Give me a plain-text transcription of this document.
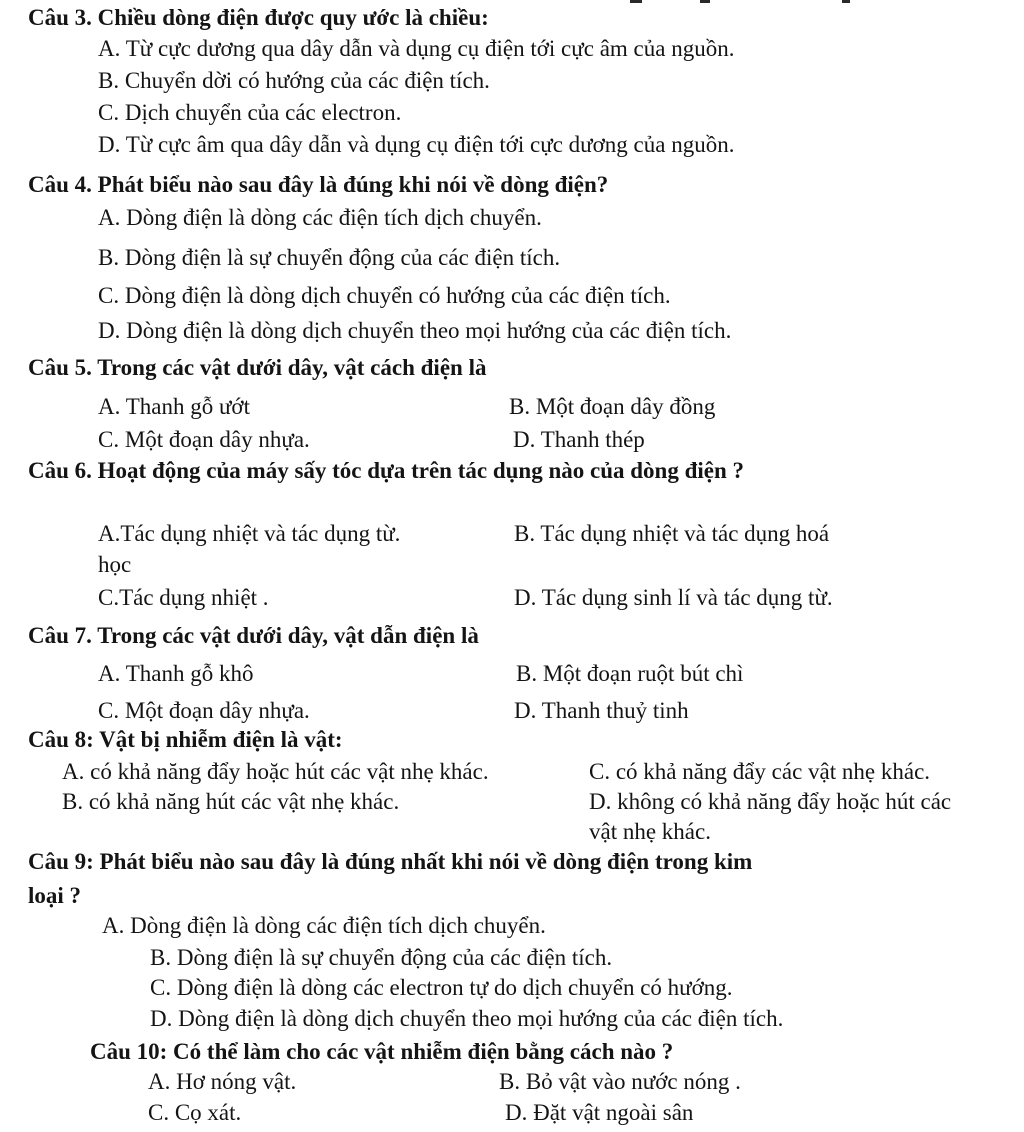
Câu 3. Chiều dòng điện được quy ước là chiều:
A. Từ cực dương qua dây dẫn và dụng cụ điện tới cực âm của nguồn.
B. Chuyển dời có hướng của các điện tích.
C. Dịch chuyển của các electron.
D. Từ cực âm qua dây dẫn và dụng cụ điện tới cực dương của nguồn.
Câu 4. Phát biểu nào sau đây là đúng khi nói về dòng điện?
A. Dòng điện là dòng các điện tích dịch chuyển.
B. Dòng điện là sự chuyển động của các điện tích.
C. Dòng điện là dòng dịch chuyển có hướng của các điện tích.
D. Dòng điện là dòng dịch chuyển theo mọi hướng của các điện tích.
Câu 5. Trong các vật dưới dây, vật cách điện là
A. Thanh gỗ ướt	B. Một đoạn dây đồng
C. Một đoạn dây nhựa.	D. Thanh thép
Câu 6. Hoạt động của máy sấy tóc dựa trên tác dụng nào của dòng điện ?
A.Tác dụng nhiệt và tác dụng từ.	B. Tác dụng nhiệt và tác dụng hoá
học
C.Tác dụng nhiệt .	D. Tác dụng sinh lí và tác dụng từ.
Câu 7. Trong các vật dưới dây, vật dẫn điện là
A. Thanh gỗ khô	B. Một đoạn ruột bút chì
C. Một đoạn dây nhựa.	D. Thanh thuỷ tinh
Câu 8: Vật bị nhiễm điện là vật:
A. có khả năng đẩy hoặc hút các vật nhẹ khác.	C. có khả năng đẩy các vật nhẹ khác.
B. có khả năng hút các vật nhẹ khác.	D. không có khả năng đẩy hoặc hút các
vật nhẹ khác.
Câu 9: Phát biểu nào sau đây là đúng nhất khi nói về dòng điện trong kim
loại ?
A. Dòng điện là dòng các điện tích dịch chuyển.
B. Dòng điện là sự chuyển động của các điện tích.
C. Dòng điện là dòng các electron tự do dịch chuyển có hướng.
D. Dòng điện là dòng dịch chuyển theo mọi hướng của các điện tích.
Câu 10: Có thể làm cho các vật nhiễm điện bằng cách nào ?
A. Hơ nóng vật.	B. Bỏ vật vào nước nóng .
C. Cọ xát.	D. Đặt vật ngoài sân
